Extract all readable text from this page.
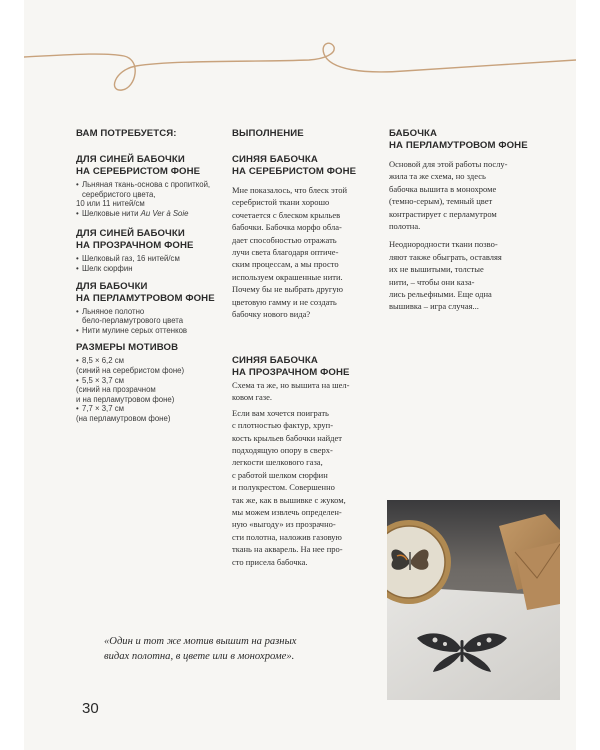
ВАМ ПОТРЕБУЕТСЯ:
ДЛЯ СИНЕЙ БАБОЧКИ
НА СЕРЕБРИСТОМ ФОНЕ
• Льняная ткань-основа с пропиткой,
серебристого цвета,
10 или 11 нитей/см
• Шелковые нити Au Ver à Soie
ДЛЯ СИНЕЙ БАБОЧКИ
НА ПРОЗРАЧНОМ ФОНЕ
• Шелковый газ, 16 нитей/см
• Шелк сюрфин
ДЛЯ БАБОЧКИ
НА ПЕРЛАМУТРОВОМ ФОНЕ
• Льняное полотно
бело-перламутрового цвета
• Нити мулине серых оттенков
РАЗМЕРЫ МОТИВОВ
• 8,5 × 6,2 см
(синий на серебристом фоне)
• 5,5 × 3,7 см
(синий на прозрачном
и на перламутровом фоне)
• 7,7 × 3,7 см
(на перламутровом фоне)
ВЫПОЛНЕНИЕ
СИНЯЯ БАБОЧКА
НА СЕРЕБРИСТОМ ФОНЕ
Мне показалось, что блеск этой
серебристой ткани хорошо
сочетается с блеском крыльев
бабочки. Бабочка морфо обла-
дает способностью отражать
лучи света благодаря оптиче-
ским процессам, а мы просто
используем окрашенные нити.
Почему бы не выбрать другую
цветовую гамму и не создать
бабочку нового вида?
СИНЯЯ БАБОЧКА
НА ПРОЗРАЧНОМ ФОНЕ
Схема та же, но вышита на шел-
ковом газе.
Если вам хочется поиграть
с плотностью фактур, хруп-
кость крыльев бабочки найдет
подходящую опору в сверх-
легкости шелкового газа,
с работой шелком сюрфин
и полукрестом. Совершенно
так же, как в вышивке с жуком,
мы можем извлечь определен-
ную «выгоду» из прозрачно-
сти полотна, наложив газовую
ткань на акварель. На нее про-
сто присела бабочка.
БАБОЧКА
НА ПЕРЛАМУТРОВОМ ФОНЕ
Основой для этой работы послу-
жила та же схема, но здесь
бабочка вышита в монохроме
(темно-серым), темный цвет
контрастирует с перламутром
полотна.
Неоднородности ткани позво-
ляют также обыграть, оставляя
их не вышитыми, толстые
нити, – чтобы они каза-
лись рельефными. Еще одна
вышивка – игра случая...
«Один и тот же мотив вышит на разных
видах полотна, в цвете или в монохроме».
30
